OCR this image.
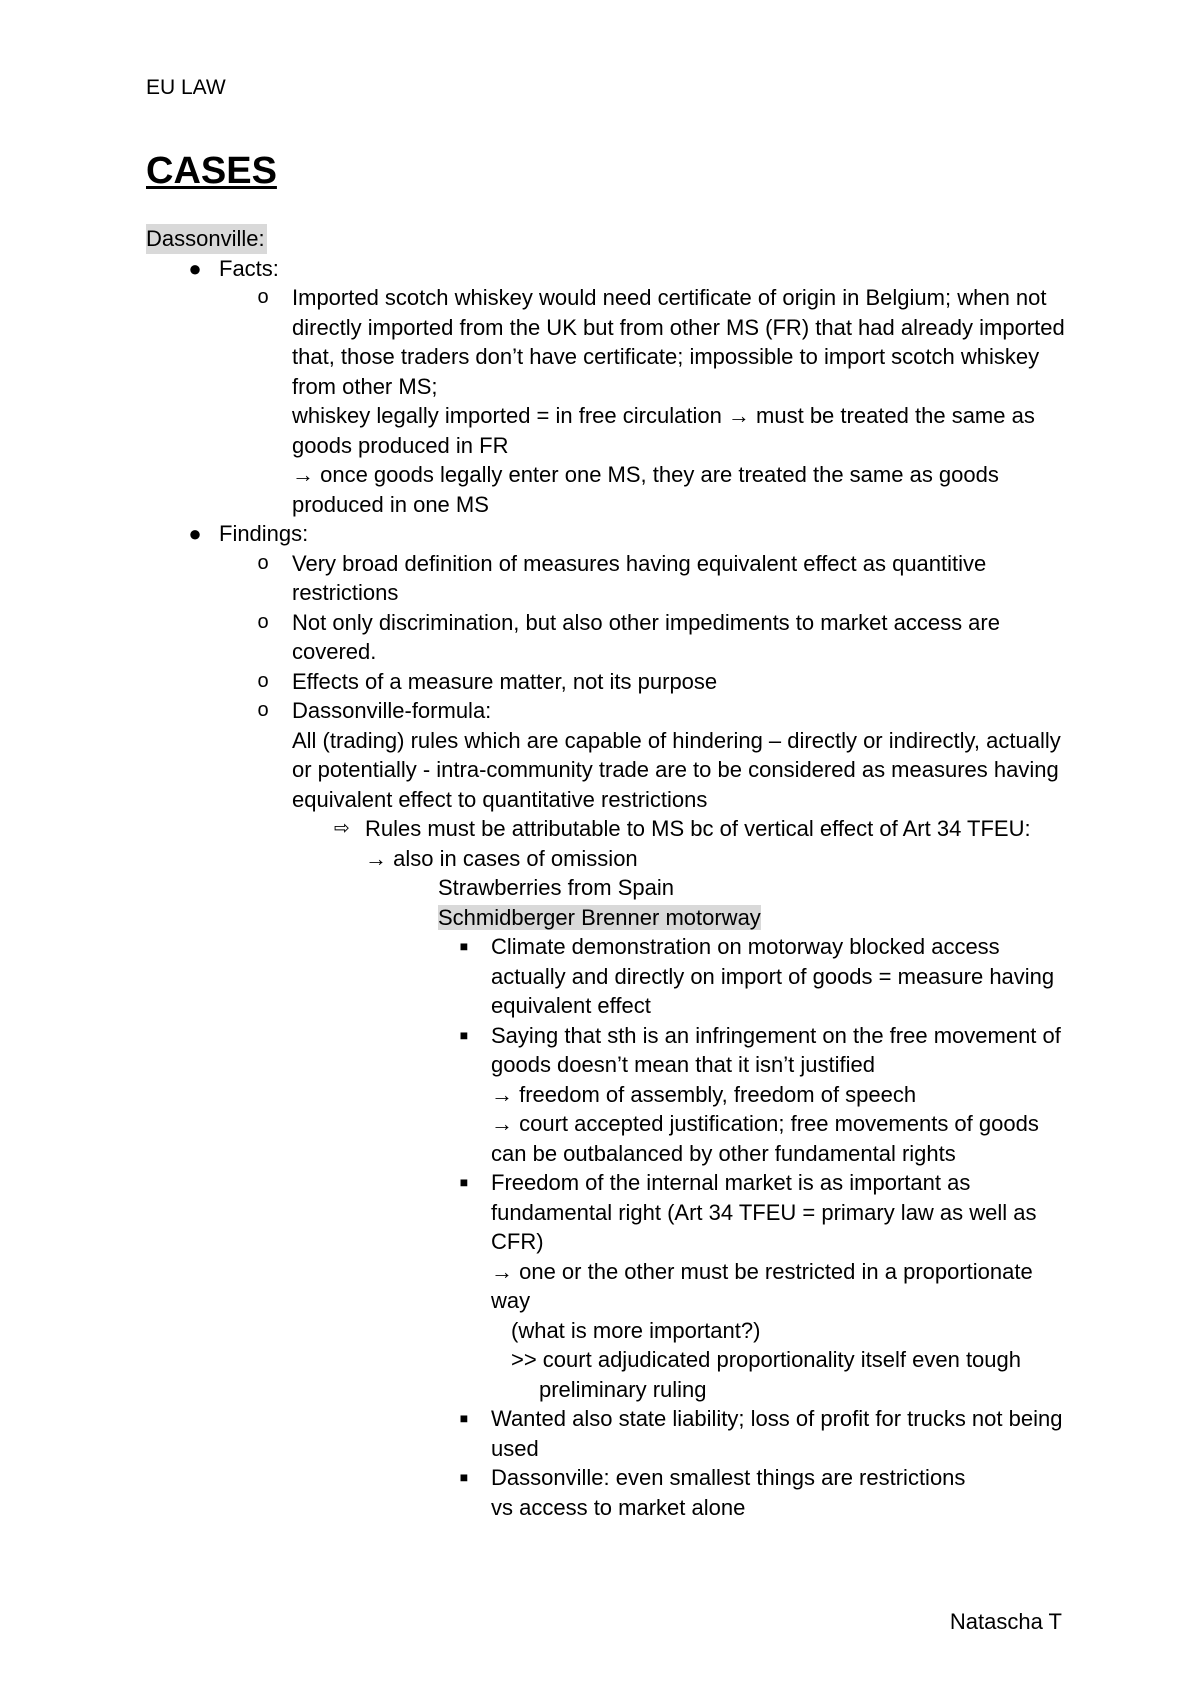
EU LAW
CASES
Dassonville:
● Facts:
o Imported scotch whiskey would need certificate of origin in Belgium; when not directly imported from the UK but from other MS (FR) that had already imported that, those traders don’t have certificate; impossible to import scotch whiskey from other MS;
whiskey legally imported = in free circulation → must be treated the same as goods produced in FR
→ once goods legally enter one MS, they are treated the same as goods produced in one MS
● Findings:
o Very broad definition of measures having equivalent effect as quantitive restrictions
o Not only discrimination, but also other impediments to market access are covered.
o Effects of a measure matter, not its purpose
o Dassonville-formula:
All (trading) rules which are capable of hindering – directly or indirectly, actually or potentially - intra-community trade are to be considered as measures having equivalent effect to quantitative restrictions
⇨ Rules must be attributable to MS bc of vertical effect of Art 34 TFEU:
→ also in cases of omission
Strawberries from Spain
Schmidberger Brenner motorway
■ Climate demonstration on motorway blocked access actually and directly on import of goods = measure having equivalent effect
■ Saying that sth is an infringement on the free movement of goods doesn’t mean that it isn’t justified
→ freedom of assembly, freedom of speech
→ court accepted justification; free movements of goods can be outbalanced by other fundamental rights
■ Freedom of the internal market is as important as fundamental right (Art 34 TFEU = primary law as well as CFR)
→ one or the other must be restricted in a proportionate way
(what is more important?)
>> court adjudicated proportionality itself even tough
preliminary ruling
■ Wanted also state liability; loss of profit for trucks not being used
■ Dassonville: even smallest things are restrictions
vs access to market alone
Natascha T
